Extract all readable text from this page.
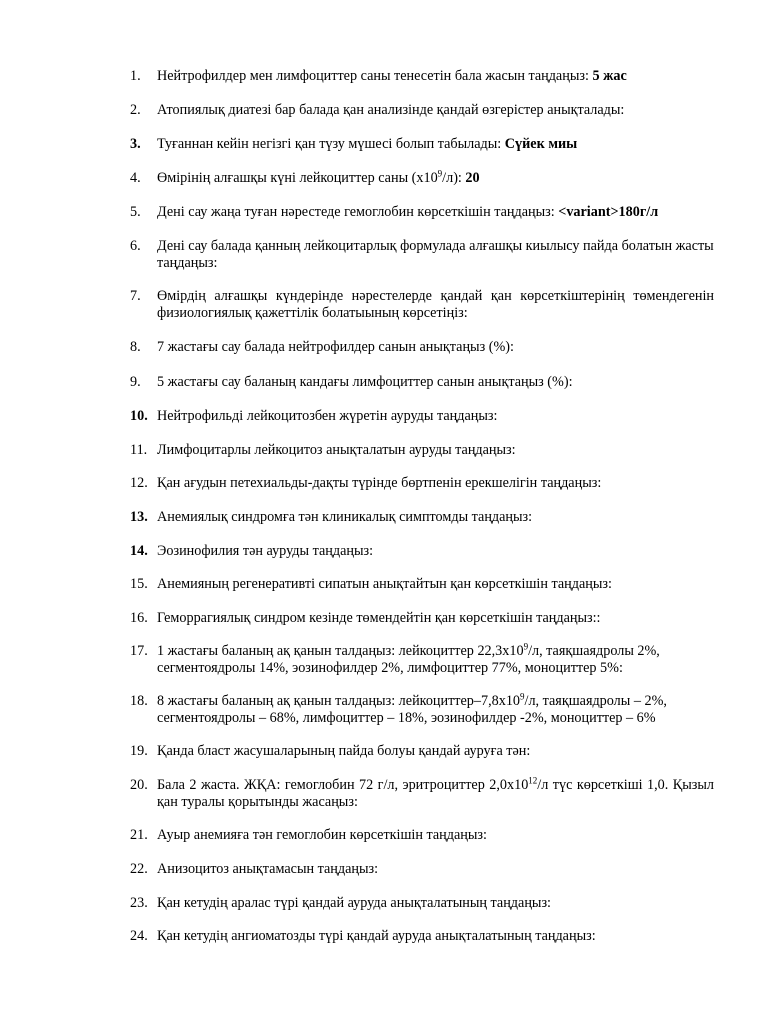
1. Нейтрофилдер мен лимфоциттер саны тенесетін бала жасын таңдаңыз: 5 жас
2. Атопиялық диатезі бар балада қан анализінде қандай өзгерістер анықталады:
3. Туғаннан кейін негізгі қан түзу мүшесі болып табылады: Сүйек миы
4. Өмірінің алғашқы күні лейкоциттер саны $(х10^9/л)$: 20
5. Дені сау жаңа туған нәрестеде гемоглобин көрсеткішін таңдаңыз: <variant>180г/л
6. Дені сау балада қанның лейкоцитарлық формулада алғашқы киылысу пайда болатын жасты таңдаңыз:
7. Өмірдің алғашқы күндерінде нәрестелерде қандай қан көрсеткіштерінің төмендегенін физиологиялық қажеттілік болатыының көрсетіңіз:
8. 7 жастағы сау балада нейтрофилдер санын анықтаңыз (%):
9. 5 жастағы сау баланың кандағы лимфоциттер санын анықтаңыз (%):
10. Нейтрофильді лейкоцитозбен жүретін ауруды таңдаңыз:
11. Лимфоцитарлы лейкоцитоз анықталатын ауруды таңдаңыз:
12. Қан ағудын петехиальды-дақты түрінде бөртпенін ерекшелігін таңдаңыз:
13. Анемиялық синдромға тән клиникалық симптомды таңдаңыз:
14. Эозинофилия тән ауруды таңдаңыз:
15. Анемияның регенеративті сипатын анықтайтын қан көрсеткішін таңдаңыз:
16. Геморрагиялық синдром кезінде төмендейтін қан көрсеткішін таңдаңыз::
17. 1 жастағы баланың ақ қанын талдаңыз: лейкоциттер $22,3х10^9/л$, таяқшаядролы 2%, сегментоядролы 14%, эозинофилдер 2%, лимфоциттер 77%, моноциттер 5%:
18. 8 жастағы баланың ақ қанын талдаңыз: лейкоциттер–$7,8х10^9/л$, таяқшаядролы – 2%, сегментоядролы – 68%, лимфоциттер – 18%, эозинофилдер -2%, моноциттер – 6%
19. Қанда бласт жасушаларының пайда болуы қандай ауруға тән:
20. Бала 2 жаста. ЖҚА: гемоглобин 72 г/л, эритроциттер $2,0х10^{12}/л$ түс көрсеткіші 1,0. Қызыл қан туралы қорытынды жасаңыз:
21. Ауыр анемияға тән гемоглобин көрсеткішін таңдаңыз:
22. Анизоцитоз анықтамасын таңдаңыз:
23. Қан кетудің аралас түрі қандай ауруда анықталатының таңдаңыз:
24. Қан кетудің ангиоматозды түрі қандай ауруда анықталатының таңдаңыз:
